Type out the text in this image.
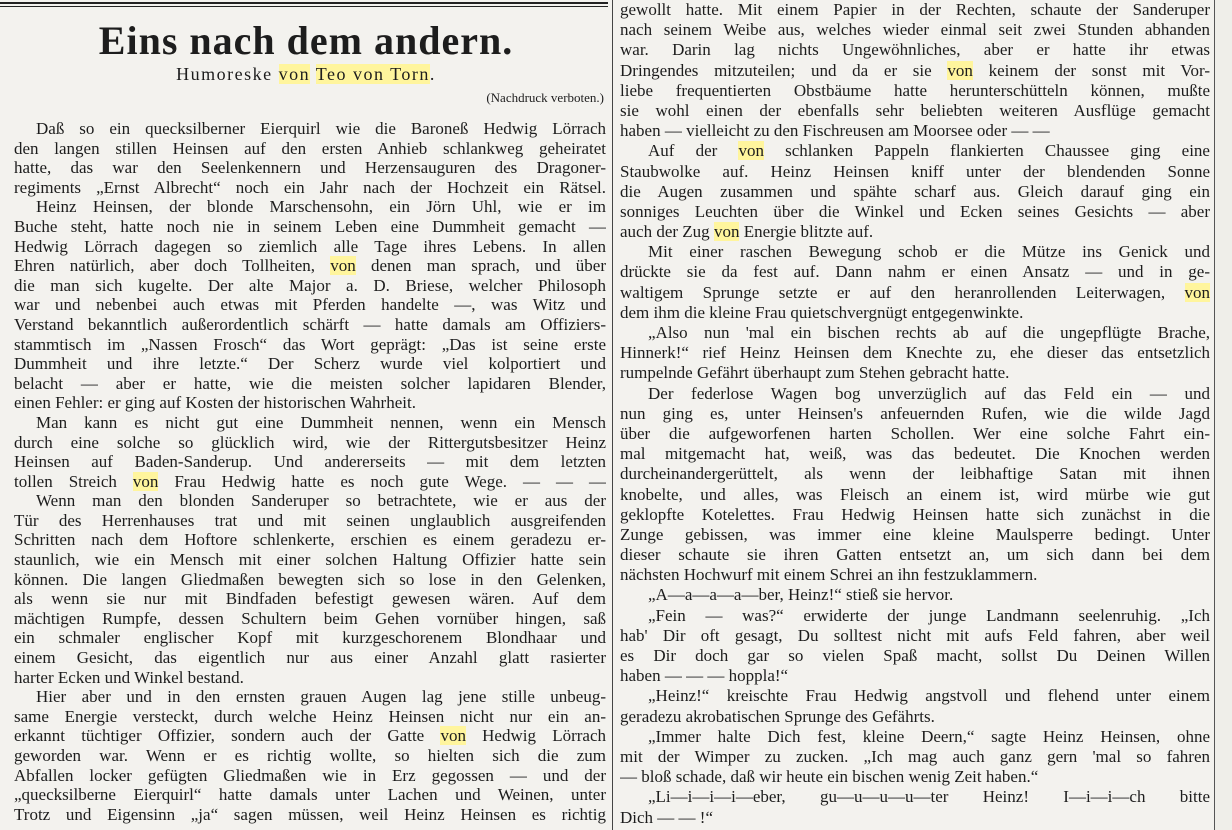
Eins nach dem andern.
Humoreske von Teo von Torn.
(Nachdruck verboten.)
Daß so ein quecksilberner Eierquirl wie die Baroneß Hedwig Lörrach
den langen stillen Heinsen auf den ersten Anhieb schlankweg geheiratet
hatte, das war den Seelenkennern und Herzensauguren des Dragoner-
regiments „Ernst Albrecht“ noch ein Jahr nach der Hochzeit ein Rätsel.
Heinz Heinsen, der blonde Marschensohn, ein Jörn Uhl, wie er im
Buche steht, hatte noch nie in seinem Leben eine Dummheit gemacht —
Hedwig Lörrach dagegen so ziemlich alle Tage ihres Lebens. In allen
Ehren natürlich, aber doch Tollheiten, von denen man sprach, und über
die man sich kugelte. Der alte Major a. D. Briese, welcher Philosoph
war und nebenbei auch etwas mit Pferden handelte —, was Witz und
Verstand bekanntlich außerordentlich schärft — hatte damals am Offiziers-
stammtisch im „Nassen Frosch“ das Wort geprägt: „Das ist seine erste
Dummheit und ihre letzte.“ Der Scherz wurde viel kolportiert und
belacht — aber er hatte, wie die meisten solcher lapidaren Blender,
einen Fehler: er ging auf Kosten der historischen Wahrheit.
Man kann es nicht gut eine Dummheit nennen, wenn ein Mensch
durch eine solche so glücklich wird, wie der Rittergutsbesitzer Heinz
Heinsen auf Baden-Sanderup. Und andererseits — mit dem letzten
tollen Streich von Frau Hedwig hatte es noch gute Wege. — — —
Wenn man den blonden Sanderuper so betrachtete, wie er aus der
Tür des Herrenhauses trat und mit seinen unglaublich ausgreifenden
Schritten nach dem Hoftore schlenkerte, erschien es einem geradezu er-
staunlich, wie ein Mensch mit einer solchen Haltung Offizier hatte sein
können. Die langen Gliedmaßen bewegten sich so lose in den Gelenken,
als wenn sie nur mit Bindfaden befestigt gewesen wären. Auf dem
mächtigen Rumpfe, dessen Schultern beim Gehen vornüber hingen, saß
ein schmaler englischer Kopf mit kurzgeschorenem Blondhaar und
einem Gesicht, das eigentlich nur aus einer Anzahl glatt rasierter
harter Ecken und Winkel bestand.
Hier aber und in den ernsten grauen Augen lag jene stille unbeug-
same Energie versteckt, durch welche Heinz Heinsen nicht nur ein an-
erkannt tüchtiger Offizier, sondern auch der Gatte von Hedwig Lörrach
geworden war. Wenn er es richtig wollte, so hielten sich die zum
Abfallen locker gefügten Gliedmaßen wie in Erz gegossen — und der
„quecksilberne Eierquirl“ hatte damals unter Lachen und Weinen, unter
Trotz und Eigensinn „ja“ sagen müssen, weil Heinz Heinsen es richtig
gewollt hatte. Mit einem Papier in der Rechten, schaute der Sanderuper
nach seinem Weibe aus, welches wieder einmal seit zwei Stunden abhanden
war. Darin lag nichts Ungewöhnliches, aber er hatte ihr etwas
Dringendes mitzuteilen; und da er sie von keinem der sonst mit Vor-
liebe frequentierten Obstbäume hatte herunterschütteln können, mußte
sie wohl einen der ebenfalls sehr beliebten weiteren Ausflüge gemacht
haben — vielleicht zu den Fischreusen am Moorsee oder — —
Auf der von schlanken Pappeln flankierten Chaussee ging eine
Staubwolke auf. Heinz Heinsen kniff unter der blendenden Sonne
die Augen zusammen und spähte scharf aus. Gleich darauf ging ein
sonniges Leuchten über die Winkel und Ecken seines Gesichts — aber
auch der Zug von Energie blitzte auf.
Mit einer raschen Bewegung schob er die Mütze ins Genick und
drückte sie da fest auf. Dann nahm er einen Ansatz — und in ge-
waltigem Sprunge setzte er auf den heranrollenden Leiterwagen, von
dem ihm die kleine Frau quietschvergnügt entgegenwinkte.
„Also nun 'mal ein bischen rechts ab auf die ungepflügte Brache,
Hinnerk!“ rief Heinz Heinsen dem Knechte zu, ehe dieser das entsetzlich
rumpelnde Gefährt überhaupt zum Stehen gebracht hatte.
Der federlose Wagen bog unverzüglich auf das Feld ein — und
nun ging es, unter Heinsen's anfeuernden Rufen, wie die wilde Jagd
über die aufgeworfenen harten Schollen. Wer eine solche Fahrt ein-
mal mitgemacht hat, weiß, was das bedeutet. Die Knochen werden
durcheinandergerüttelt, als wenn der leibhaftige Satan mit ihnen
knobelte, und alles, was Fleisch an einem ist, wird mürbe wie gut
geklopfte Kotelettes. Frau Hedwig Heinsen hatte sich zunächst in die
Zunge gebissen, was immer eine kleine Maulsperre bedingt. Unter
dieser schaute sie ihren Gatten entsetzt an, um sich dann bei dem
nächsten Hochwurf mit einem Schrei an ihn festzuklammern.
„A—a—a—a—ber, Heinz!“ stieß sie hervor.
„Fein — was?“ erwiderte der junge Landmann seelenruhig. „Ich
hab' Dir oft gesagt, Du solltest nicht mit aufs Feld fahren, aber weil
es Dir doch gar so vielen Spaß macht, sollst Du Deinen Willen
haben — — — hoppla!“
„Heinz!“ kreischte Frau Hedwig angstvoll und flehend unter einem
geradezu akrobatischen Sprunge des Gefährts.
„Immer halte Dich fest, kleine Deern,“ sagte Heinz Heinsen, ohne
mit der Wimper zu zucken. „Ich mag auch ganz gern 'mal so fahren
— bloß schade, daß wir heute ein bischen wenig Zeit haben.“
„Li—i—i—i—eber, gu—u—u—u—ter Heinz! I—i—i—ch bitte
Dich — — !“
